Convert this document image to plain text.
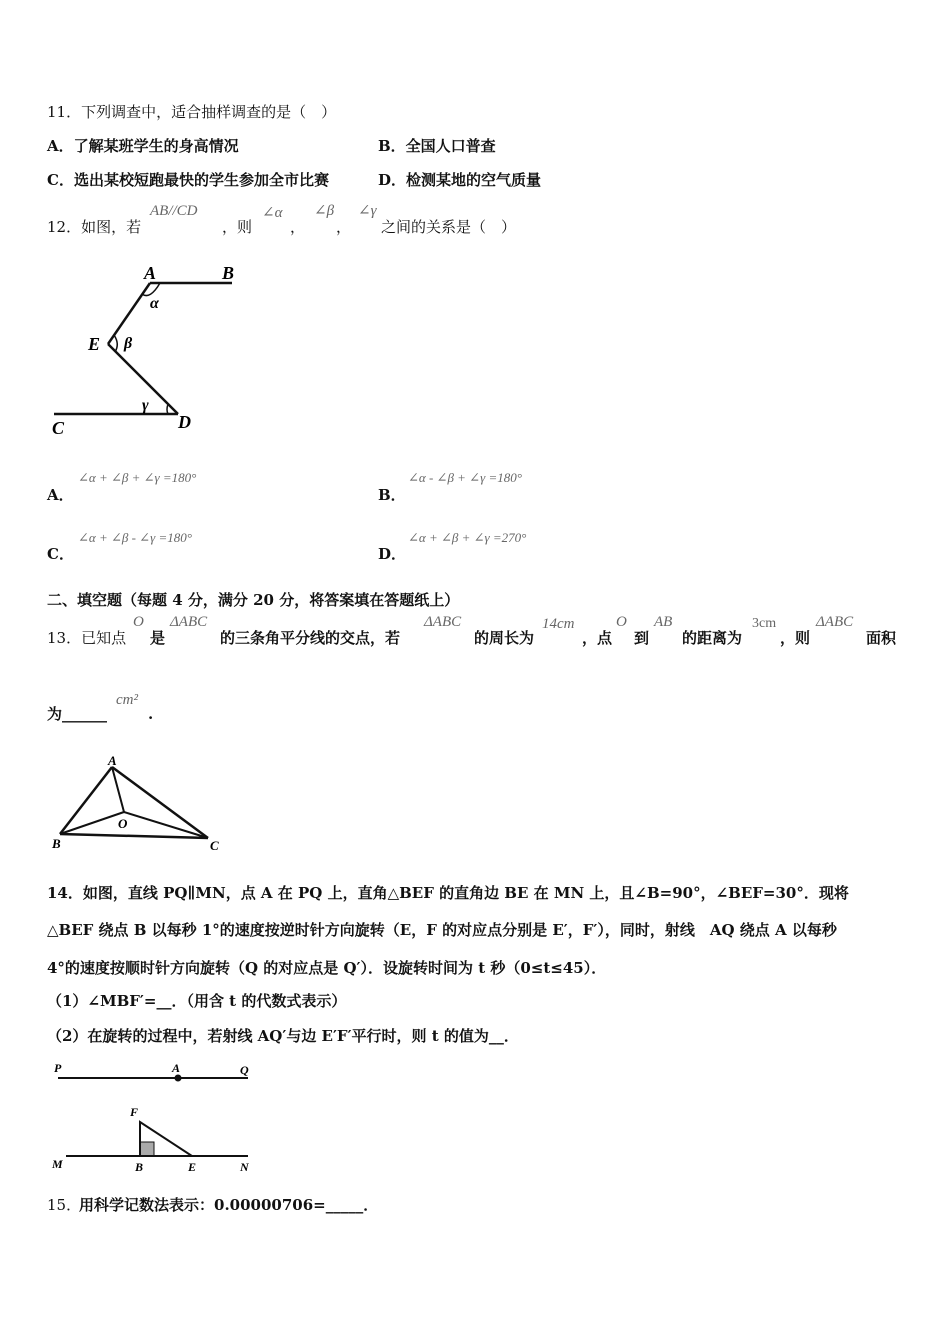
11．下列调查中，适合抽样调查的是（　）
A．了解某班学生的身高情况	B．全国人口普查
C．选出某校短跑最快的学生参加全市比赛	D．检测某地的空气质量
12．如图，若
AB//CD
，则
∠α
，
∠β
，
∠γ
之间的关系是（　）
A	B
E
C	D
α
β
γ
A．
∠α + ∠β + ∠γ =180°
B．
∠α - ∠β + ∠γ =180°
C．
∠α + ∠β - ∠γ =180°
D．
∠α + ∠β + ∠γ =270°
二、填空题（每题 4 分，满分 20 分，将答案填在答题纸上）
13．已知点
O
是
ΔABC
的三条角平分线的交点，若
ΔABC
的周长为
14cm
，点
O
到
AB
的距离为
3cm
，则
ΔABC
面积
为______
cm²
.
A
B	C
O
14．如图，直线 PQ∥MN，点 A 在 PQ 上，直角△BEF 的直角边 BE 在 MN 上，且∠B=90°，∠BEF=30°．现将
△BEF 绕点 B 以每秒 1°的速度按逆时针方向旋转（E，F 的对应点分别是 E′，F′），同时，射线　AQ 绕点 A 以每秒
4°的速度按顺时针方向旋转（Q 的对应点是 Q′）．设旋转时间为 t 秒（0≤t≤45）．
（1）∠MBF′=__．（用含 t 的代数式表示）
（2）在旋转的过程中，若射线 AQ′与边 E′F′平行时，则 t 的值为__．
P	A	Q
F
M	B	E	N
15．
用科学记数法表示：0.00000706=_____．
